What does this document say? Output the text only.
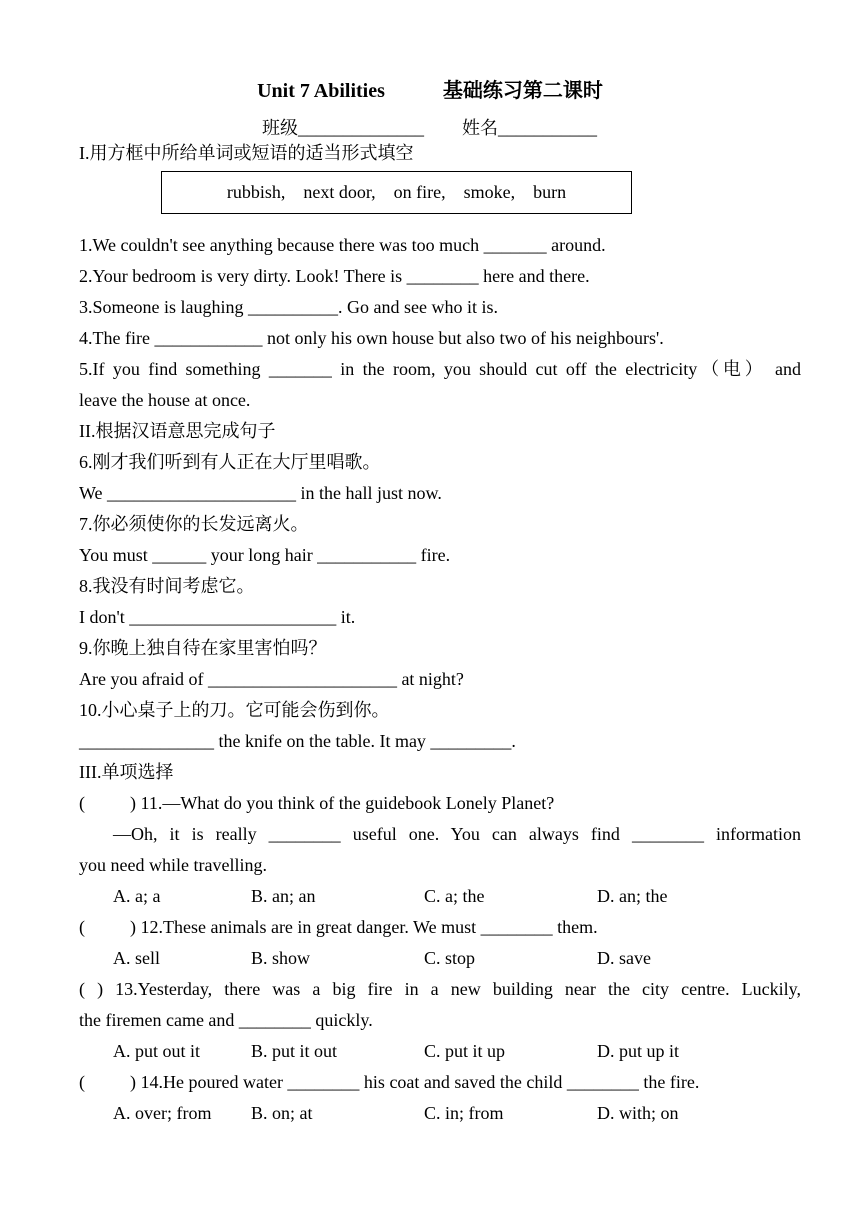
Unit 7 Abilities	基础练习第二课时
班级______________ 姓名___________
I.用方框中所给单词或短语的适当形式填空
rubbish,    next door,    on fire,    smoke,    burn
1.We couldn't see anything because there was too much _______ around.
2.Your bedroom is very dirty. Look! There is ________ here and there.
3.Someone is laughing __________. Go and see who it is.
4.The fire ____________ not only his own house but also two of his neighbours'.
5.If you find something _______ in the room, you should cut off the electricity（电） and
leave the house at once.
II.根据汉语意思完成句子
6.刚才我们听到有人正在大厅里唱歌。
We _____________________ in the hall just now.
7.你必须使你的长发远离火。
You must ______ your long hair ___________ fire.
8.我没有时间考虑它。
I don't _______________________ it.
9.你晚上独自待在家里害怕吗？
Are you afraid of _____________________ at night?
10.小心桌子上的刀。它可能会伤到你。
_______________ the knife on the table. It may _________.
III.单项选择
(          ) 11.—What do you think of the guidebook Lonely Planet?
—Oh, it is really ________ useful one. You can always find ________ information
you need while travelling.

A. a; a

	B. an; an

	C. a; the

	D. an; the

(          ) 12.These animals are in great danger. We must ________ them.

A. sell

	B. show

	C. stop

	D. save

( ) 13.Yesterday, there was a big fire in a new building near the city centre. Luckily,
the firemen came and ________ quickly.

A. put out it

	B. put it out

	C. put it up

	D. put up it

(          ) 14.He poured water ________ his coat and saved the child ________ the fire.

A. over; from

B. on; at

	C. in; from

	D. with; on
